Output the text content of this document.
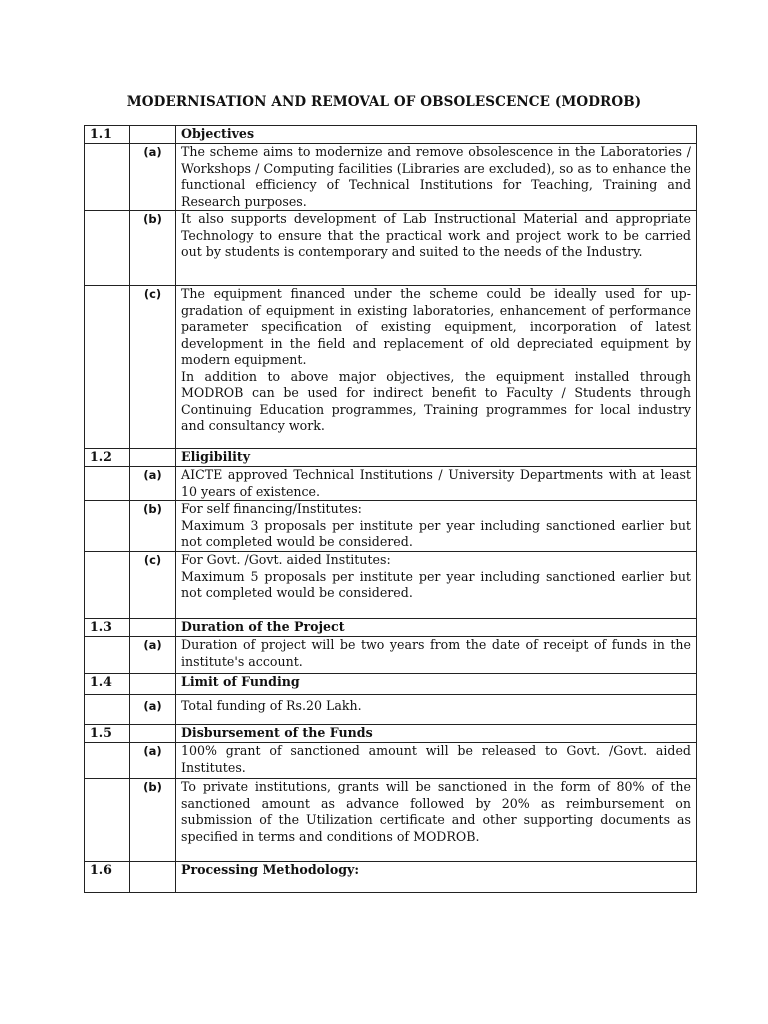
MODERNISATION AND REMOVAL OF OBSOLESCENCE (MODROB)
1.1		Objectives
	(a)	The scheme aims to modernize and remove obsolescence in the Laboratories / Workshops / Computing facilities (Libraries are excluded), so as to enhance the functional efficiency of Technical Institutions for Teaching, Training and Research purposes.

	(b)	It also supports development of Lab Instructional Material and appropriate Technology to ensure that the practical work and project work to be carried out by students is contemporary and suited to the needs of the Industry.

	(c)	The equipment financed under the scheme could be ideally used for up-gradation of equipment in existing laboratories, enhancement of performance parameter specification of existing equipment, incorporation of latest development in the field and replacement of old depreciated equipment by modern equipment.
In addition to above major objectives, the equipment installed through MODROB can be used for indirect benefit to Faculty / Students through Continuing Education programmes, Training programmes for local industry and consultancy work.

1.2		Eligibility
	(a)	AICTE approved Technical Institutions / University Departments with at least 10 years of existence.

	(b)	For self financing/Institutes:
Maximum 3 proposals per institute per year including sanctioned earlier but not completed would be considered.

	(c)	For Govt. /Govt. aided Institutes:
Maximum 5 proposals per institute per year including sanctioned earlier but not completed would be considered.

1.3		Duration of the Project
	(a)	Duration of project will be two years from the date of receipt of funds in the institute's account.

1.4		Limit of Funding
	(a)	Total funding of Rs.20 Lakh.

1.5		Disbursement of the Funds
	(a)	100% grant of sanctioned amount will be released to Govt. /Govt. aided Institutes.

	(b)	To private institutions, grants will be sanctioned in the form of 80% of the sanctioned amount as advance followed by 20% as reimbursement on submission of the Utilization certificate and other supporting documents as specified in terms and conditions of MODROB.

1.6		Processing Methodology:
